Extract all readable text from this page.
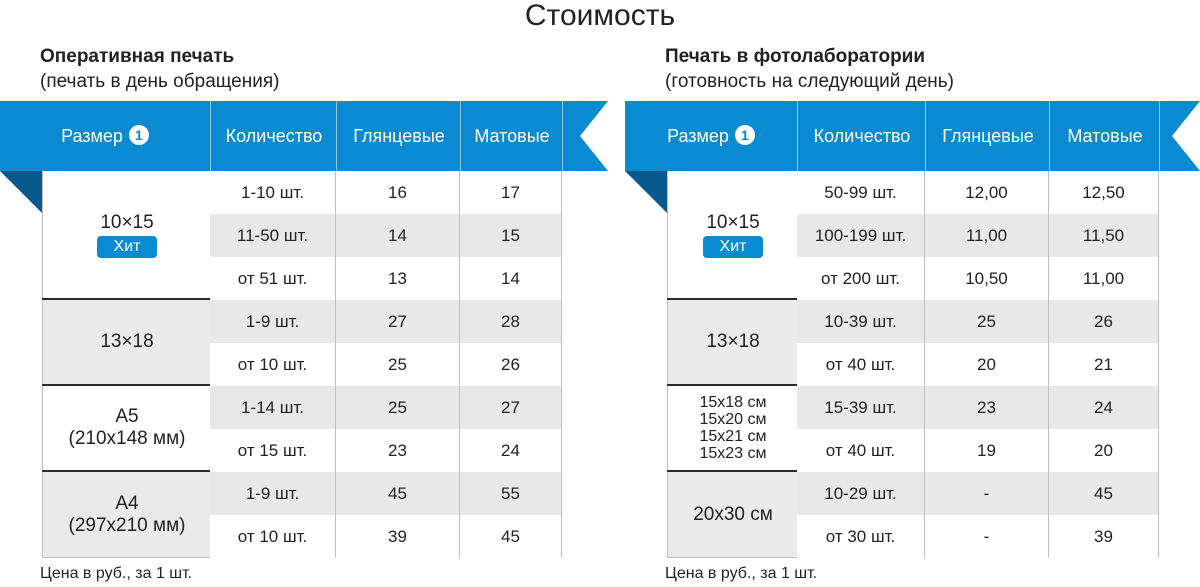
Стоимость
Оперативная печать
(печать в день обращения)
Размер 1	Количество	Глянцевые	Матовые
10×15
Хит
1-10 шт.	16	17
11-50 шт.	14	15
от 51 шт.	13	14
13×18
1-9 шт.	27	28
от 10 шт.	25	26
А5
(210x148 мм)
1-14 шт.	25	27
от 15 шт.	23	24
А4
(297x210 мм)
1-9 шт.	45	55
от 10 шт.	39	45
Цена в руб., за 1 шт.
Печать в фотолаборатории
(готовность на следующий день)
Размер 1	Количество	Глянцевые	Матовые
10×15
Хит
50-99 шт.	12,00	12,50
100-199 шт.	11,00	11,50
от 200 шт.	10,50	11,00
13×18
10-39 шт.	25	26
от 40 шт.	20	21
15x18 см
15x20 см
15x21 см
15x23 см
15-39 шт.	23	24
от 40 шт.	19	20
20x30 см
10-29 шт.	-	45
от 30 шт.	-	39
Цена в руб., за 1 шт.
